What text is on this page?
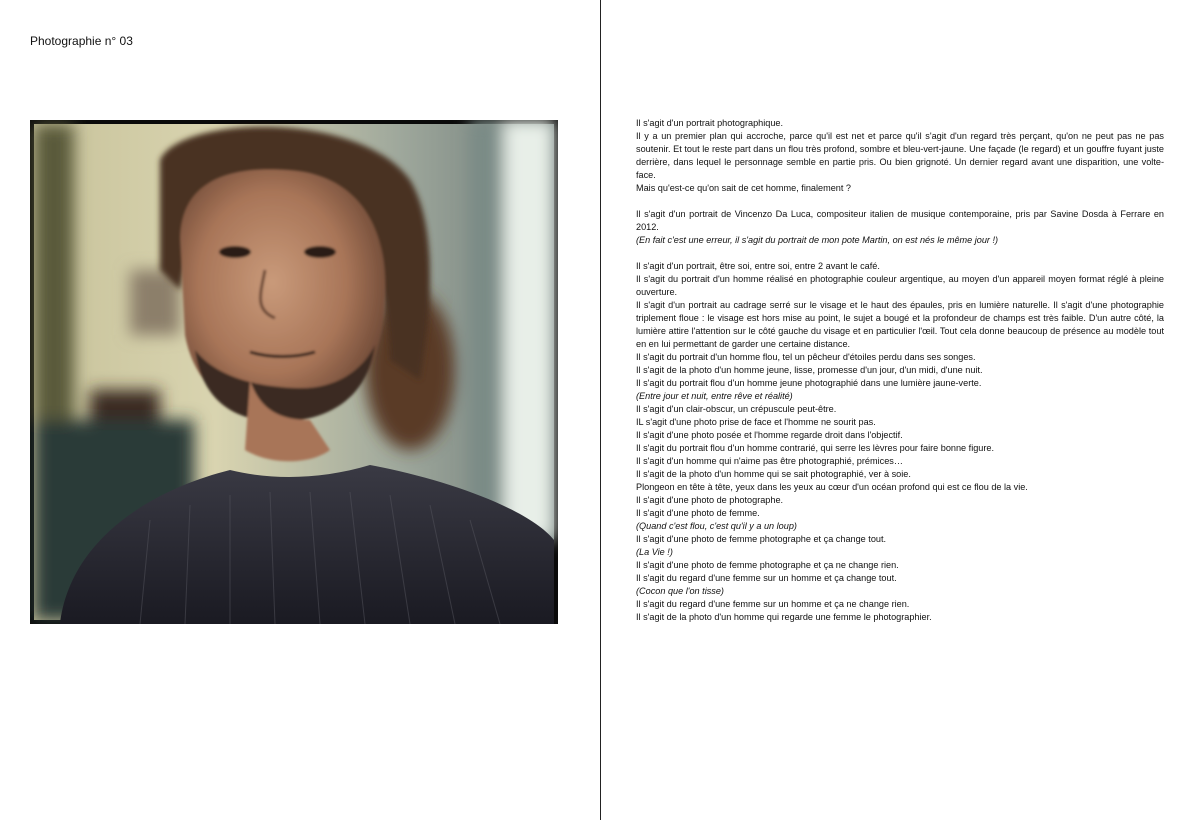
Photographie n° 03

Il s'agit d'un portrait photographique.
Il y a un premier plan qui accroche, parce qu'il est net et parce qu'il s'agit d'un regard très perçant, qu'on ne peut pas ne pas soutenir. Et tout le reste part dans un flou très profond, sombre et bleu-vert-jaune. Une façade (le regard) et un gouffre fuyant juste derrière, dans lequel le personnage semble en partie pris. Ou bien grignoté. Un dernier regard avant une disparition, une volte-face.
Mais qu'est-ce qu'on sait de cet homme, finalement ?

Il s'agit d'un portrait de Vincenzo Da Luca, compositeur italien de musique contemporaine, pris par Savine Dosda à Ferrare en 2012.
(En fait c'est une erreur, il s'agit du portrait de mon pote Martin, on est nés le même jour !)

Il s'agit d'un portrait, être soi, entre soi, entre 2 avant le café.
Il s'agit du portrait d'un homme réalisé en photographie couleur argentique, au moyen d'un appareil moyen format réglé à pleine ouverture.
Il s'agit d'un portrait au cadrage serré sur le visage et le haut des épaules, pris en lumière naturelle. Il s'agit d'une photographie triplement floue : le visage est hors mise au point, le sujet a bougé et la profondeur de champs est très faible. D'un autre côté, la lumière attire l'attention sur le côté gauche du visage et en particulier l'œil. Tout cela donne beaucoup de présence au modèle tout en en lui permettant de garder une certaine distance.
Il s'agit du portrait d'un homme flou, tel un pêcheur d'étoiles perdu dans ses songes.
Il s'agit de la photo d'un homme jeune, lisse, promesse d'un jour, d'un midi, d'une nuit.
Il s'agit du portrait flou d'un homme jeune photographié dans une lumière jaune-verte.
(Entre jour et nuit, entre rêve et réalité)
Il s'agit d'un clair-obscur, un crépuscule peut-être.
IL s'agit d'une photo prise de face et l'homme ne sourit pas.
Il s'agit d'une photo posée et l'homme regarde droit dans l'objectif.
Il s'agit du portrait flou d'un homme contrarié, qui serre les lèvres pour faire bonne figure.
Il s'agit d'un homme qui n'aime pas être photographié, prémices…
Il s'agit de la photo d'un homme qui se sait photographié, ver à soie.
Plongeon en tête à tête, yeux dans les yeux au cœur d'un océan profond qui est ce flou de la vie.
Il s'agit d'une photo de photographe.
Il s'agit d'une photo de femme.
(Quand c'est flou, c'est qu'il y a un loup)
Il s'agit d'une photo de femme photographe et ça change tout.
(La Vie !)
Il s'agit d'une photo de femme photographe et ça ne change rien.
Il s'agit du regard d'une femme sur un homme et ça change tout.
(Cocon que l'on tisse)
Il s'agit du regard d'une femme sur un homme et ça ne change rien.
Il s'agit de la photo d'un homme qui regarde une femme le photographier.
